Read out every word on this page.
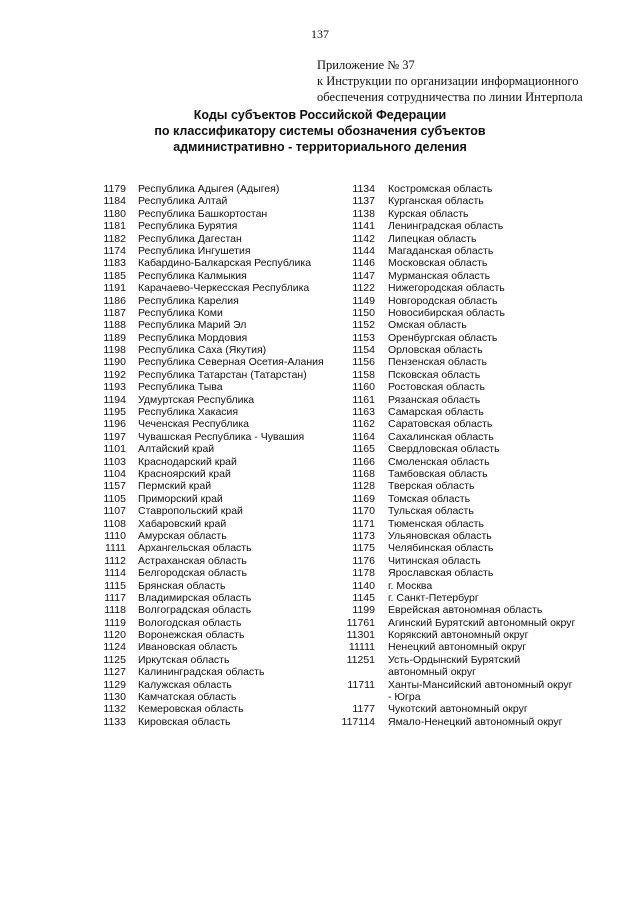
137
Приложение № 37
к Инструкции по организации информационного
обеспечения сотрудничества по линии Интерпола
Коды субъектов Российской Федерации
по классификатору системы обозначения субъектов
административно - территориального деления
1179 Республика Адыгея (Адыгея)
1184 Республика Алтай
1180 Республика Башкортостан
1181 Республика Бурятия
1182 Республика Дагестан
1174 Республика Ингушетия
1183 Кабардино-Балкарская Республика
1185 Республика Калмыкия
1191 Карачаево-Черкесская Республика
1186 Республика Карелия
1187 Республика Коми
1188 Республика Марий Эл
1189 Республика Мордовия
1198 Республика Саха (Якутия)
1190 Республика Северная Осетия-Алания
1192 Республика Татарстан (Татарстан)
1193 Республика Тыва
1194 Удмуртская Республика
1195 Республика Хакасия
1196 Чеченская Республика
1197 Чувашская Республика - Чувашия
1101 Алтайский край
1103 Краснодарский край
1104 Красноярский край
1157 Пермский край
1105 Приморский край
1107 Ставропольский край
1108 Хабаровский край
1110 Амурская область
1111 Архангельская область
1112 Астраханская область
1114 Белгородская область
1115 Брянская область
1117 Владимирская область
1118 Волгоградская область
1119 Вологодская область
1120 Воронежская область
1124 Ивановская область
1125 Иркутская область
1127 Калининградская область
1129 Калужская область
1130 Камчатская область
1132 Кемеровская область
1133 Кировская область
1134 Костромская область
1137 Курганская область
1138 Курская область
1141 Ленинградская область
1142 Липецкая область
1144 Магаданская область
1146 Московская область
1147 Мурманская область
1122 Нижегородская область
1149 Новгородская область
1150 Новосибирская область
1152 Омская область
1153 Оренбургская область
1154 Орловская область
1156 Пензенская область
1158 Псковская область
1160 Ростовская область
1161 Рязанская область
1163 Самарская область
1162 Саратовская область
1164 Сахалинская область
1165 Свердловская область
1166 Смоленская область
1168 Тамбовская область
1128 Тверская область
1169 Томская область
1170 Тульская область
1171 Тюменская область
1173 Ульяновская область
1175 Челябинская область
1176 Читинская область
1178 Ярославская область
1140 г. Москва
1145 г. Санкт-Петербург
1199 Еврейская автономная область
11761 Агинский Бурятский автономный округ
11301 Корякский автономный округ
11111 Ненецкий автономный округ
11251 Усть-Ордынский Бурятский
автономный округ
11711 Ханты-Мансийский автономный округ
- Югра
1177 Чукотский автономный округ
117114 Ямало-Ненецкий автономный округ
